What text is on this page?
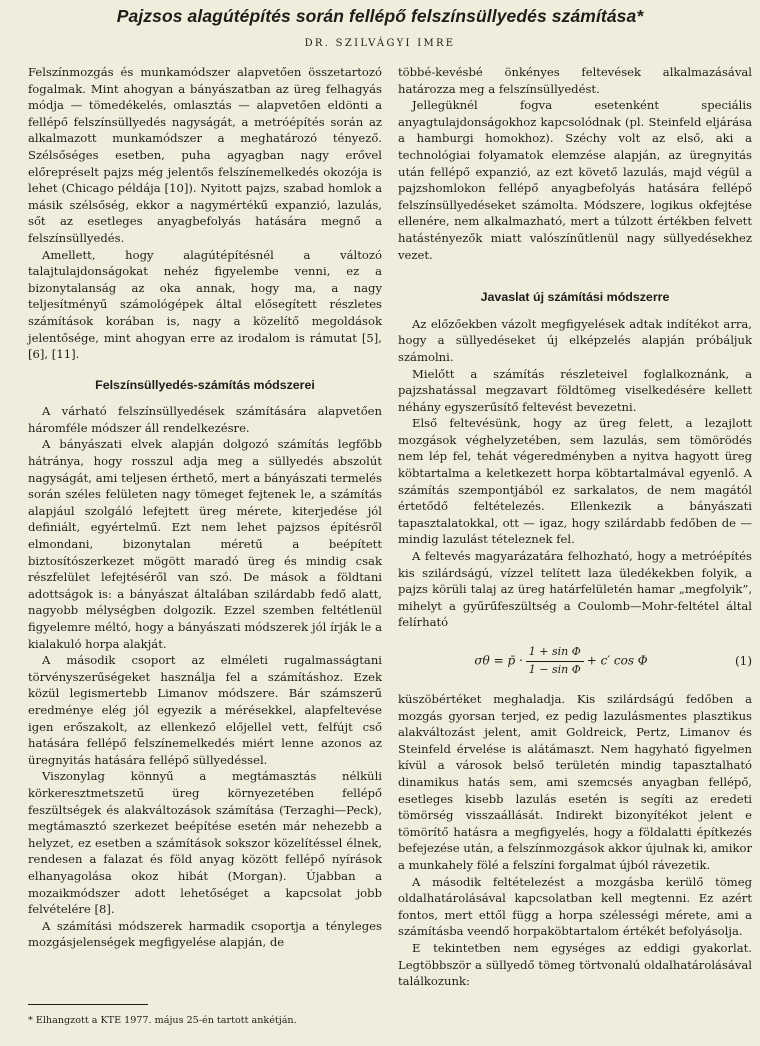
Pajzsos alagútépítés során fellépő felszínsüllyedés számítása*
DR. SZILVÁGYI IMRE

Felszínmozgás és munkamódszer alapvetően összetartozó fogalmak. Mint ahogyan a bányászatban az üreg felhagyás módja — tömedékelés, omlasztás — alapvetően eldönti a fellépő felszínsüllyedés nagyságát, a metróépítés során az alkalmazott munkamódszer a meghatározó tényező. Szélsőséges esetben, puha agyagban nagy erővel előrepréselt pajzs még jelentős felszínemelkedés okozója is lehet (Chicago példája [10]). Nyitott pajzs, szabad homlok a másik szélsőség, ekkor a nagymértékű expanzió, lazulás, sőt az esetleges anyagbefolyás hatására megnő a felszínsüllyedés.

Amellett, hogy alagútépítésnél a változó talajtulajdonságokat nehéz figyelembe venni, ez a bizonytalanság az oka annak, hogy ma, a nagy teljesítményű számológépek által elősegített részletes számítások korában is, nagy a közelítő megoldások jelentősége, mint ahogyan erre az irodalom is rámutat [5], [6], [11].

Felszínsüllyedés-számítás módszerei

A várható felszínsüllyedések számítására alapvetően háromféle módszer áll rendelkezésre.

A bányászati elvek alapján dolgozó számítás legfőbb hátránya, hogy rosszul adja meg a süllyedés abszolút nagyságát, ami teljesen érthető, mert a bányászati termelés során széles felületen nagy tömeget fejtenek le, a számítás alapjául szolgáló lefejtett üreg mérete, kiterjedése jól definiált, egyértelmű. Ezt nem lehet pajzsos építésről elmondani, bizonytalan méretű a beépített biztosítószerkezet mögött maradó üreg és mindig csak részfelület lefejtéséről van szó. De mások a földtani adottságok is: a bányászat általában szilárdabb fedő alatt, nagyobb mélységben dolgozik. Ezzel szemben feltétlenül figyelemre méltó, hogy a bányászati módszerek jól írják le a kialakuló horpa alakját.

A második csoport az elméleti rugalmasságtani törvényszerűségeket használja fel a számításhoz. Ezek közül legismertebb Limanov módszere. Bár számszerű eredménye elég jól egyezik a mérésekkel, alapfeltevése igen erőszakolt, az ellenkező előjellel vett, felfújt cső hatására fellépő felszínemelkedés miért lenne azonos az üregnyitás hatására fellépő süllyedéssel.

Viszonylag könnyű a megtámasztás nélküli körkeresztmetszetű üreg környezetében fellépő feszültségek és alakváltozások számítása (Terzaghi—Peck), megtámasztó szerkezet beépítése esetén már nehezebb a helyzet, ez esetben a számítások sokszor közelítéssel élnek, rendesen a falazat és föld anyag között fellépő nyírások elhanyagolása okoz hibát (Morgan). Újabban a mozaikmódszer adott lehetőséget a kapcsolat jobb felvételére [8].

A számítási módszerek harmadik csoportja a tényleges mozgásjelenségek megfigyelése alapján, de

többé-kevésbé önkényes feltevések alkalmazásával határozza meg a felszínsüllyedést.

Jellegüknél fogva esetenként speciális anyagtulajdonságokhoz kapcsolódnak (pl. Steinfeld eljárása a hamburgi homokhoz). Széchy volt az első, aki a technológiai folyamatok elemzése alapján, az üregnyitás után fellépő expanzió, az ezt követő lazulás, majd végül a pajzshomlokon fellépő anyagbefolyás hatására fellépő felszínsüllyedéseket számolta. Módszere, logikus okfejtése ellenére, nem alkalmazható, mert a túlzott értékben felvett hatástényezők miatt valószínűtlenül nagy süllyedésekhez vezet.

Javaslat új számítási módszerre

Az előzőekben vázolt megfigyelések adtak indítékot arra, hogy a süllyedéseket új elképzelés alapján próbáljuk számolni.

Mielőtt a számítás részleteivel foglalkoznánk, a pajzshatással megzavart földtömeg viselkedésére kellett néhány egyszerűsítő feltevést bevezetni.

Első feltevésünk, hogy az üreg felett, a lezajlott mozgások véghelyzetében, sem lazulás, sem tömörödés nem lép fel, tehát végeredményben a nyitva hagyott üreg köbtartalma a keletkezett horpa köbtartalmával egyenlő. A számítás szempontjából ez sarkalatos, de nem magától értetődő feltételezés. Ellenkezik a bányászati tapasztalatokkal, ott — igaz, hogy szilárdabb fedőben de — mindig lazulást tételeznek fel.

A feltevés magyarázatára felhozható, hogy a metróépítés kis szilárdságú, vízzel telített laza üledékekben folyik, a pajzs körüli talaj az üreg határfelületén hamar „megfolyik”, mihelyt a gyűrűfeszültség a Coulomb—Mohr-feltétel által felírható

σθ = p̄ · $\frac{\text{1 + sin Φ}}{\text{1 − sin Φ}} + c'$ cos Φ	(1)

küszöbértéket meghaladja. Kis szilárdságú fedőben a mozgás gyorsan terjed, ez pedig lazulásmentes plasztikus alakváltozást jelent, amit Goldreick, Pertz, Limanov és Steinfeld érvelése is alátámaszt. Nem hagyható figyelmen kívül a városok belső területén mindig tapasztalható dinamikus hatás sem, ami szemcsés anyagban fellépő, esetleges kisebb lazulás esetén is segíti az eredeti tömörség visszaállását. Indirekt bizonyítékot jelent e tömörítő hatásra a megfigyelés, hogy a földalatti építkezés befejezése után, a felszínmozgások akkor újulnak ki, amikor a munkahely fölé a felszíni forgalmat újból rávezetik.

A második feltételezést a mozgásba kerülő tömeg oldalhatárolásával kapcsolatban kell megtenni. Ez azért fontos, mert ettől függ a horpa szélességi mérete, ami a számításba veendő horpaköbtartalom értékét befolyásolja.

E tekintetben nem egységes az eddigi gyakorlat. Legtöbbször a süllyedő tömeg törtvonalú oldalhatárolásával találkozunk:

* Elhangzott a KTE 1977. május 25-én tartott ankétján.
